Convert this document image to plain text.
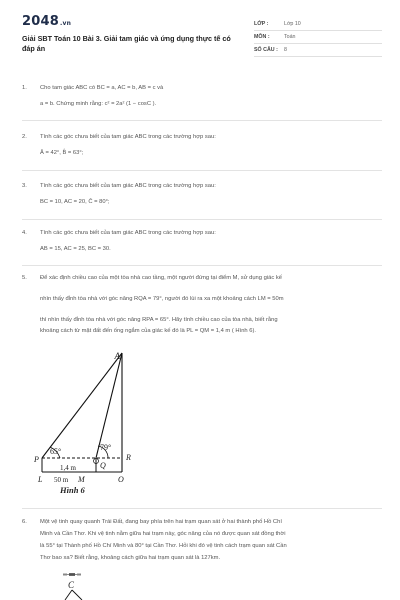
2048.vn
Giải SBT Toán 10 Bài 3. Giải tam giác và ứng dụng thực tế có đáp án
LỚP :	Lớp 10
MÔN :	Toán
SỐ CÂU :	8
1. Cho tam giác ABC có BC = a, AC = b, AB = c và
a = b. Chứng minh rằng: c² = 2a² (1 − cosC ).
2. Tính các góc chưa biết của tam giác ABC trong các trường hợp sau:
Â = 42°, B̂ = 63°;
3. Tính các góc chưa biết của tam giác ABC trong các trường hợp sau:
BC = 10, AC = 20, Ĉ = 80°;
4. Tính các góc chưa biết của tam giác ABC trong các trường hợp sau:
AB = 15, AC = 25, BC = 30.
5. Để xác định chiều cao của một tòa nhà cao tầng, một người đứng tại điểm M, sử dụng giác kế
nhìn thấy đỉnh tòa nhà với góc nâng RQA = 79°, người đó lùi ra xa một khoảng cách LM = 50m
thì nhìn thấy đỉnh tòa nhà với góc nâng RPA = 65°. Hãy tính chiều cao của tòa nhà, biết rằng
khoảng cách từ mặt đất đến ống ngắm của giác kế đó là PL = QM = 1,4 m ( Hình 6).
A
P
Q
R
65°	79°
1,4 m
L 50 m M	O
Hình 6
6. Một vệ tinh quay quanh Trái Đất, đang bay phía trên hai trạm quan sát ở hai thành phố Hồ Chí
Minh và Cần Thơ. Khi vệ tinh nằm giữa hai trạm này, góc nâng của nó được quan sát đồng thời
là 55° tại Thành phố Hồ Chí Minh và 80° tại Cần Thơ. Hỏi khi đó vệ tinh cách trạm quan sát Cần
Thơ bao xa? Biết rằng, khoảng cách giữa hai trạm quan sát là 127km.
C
